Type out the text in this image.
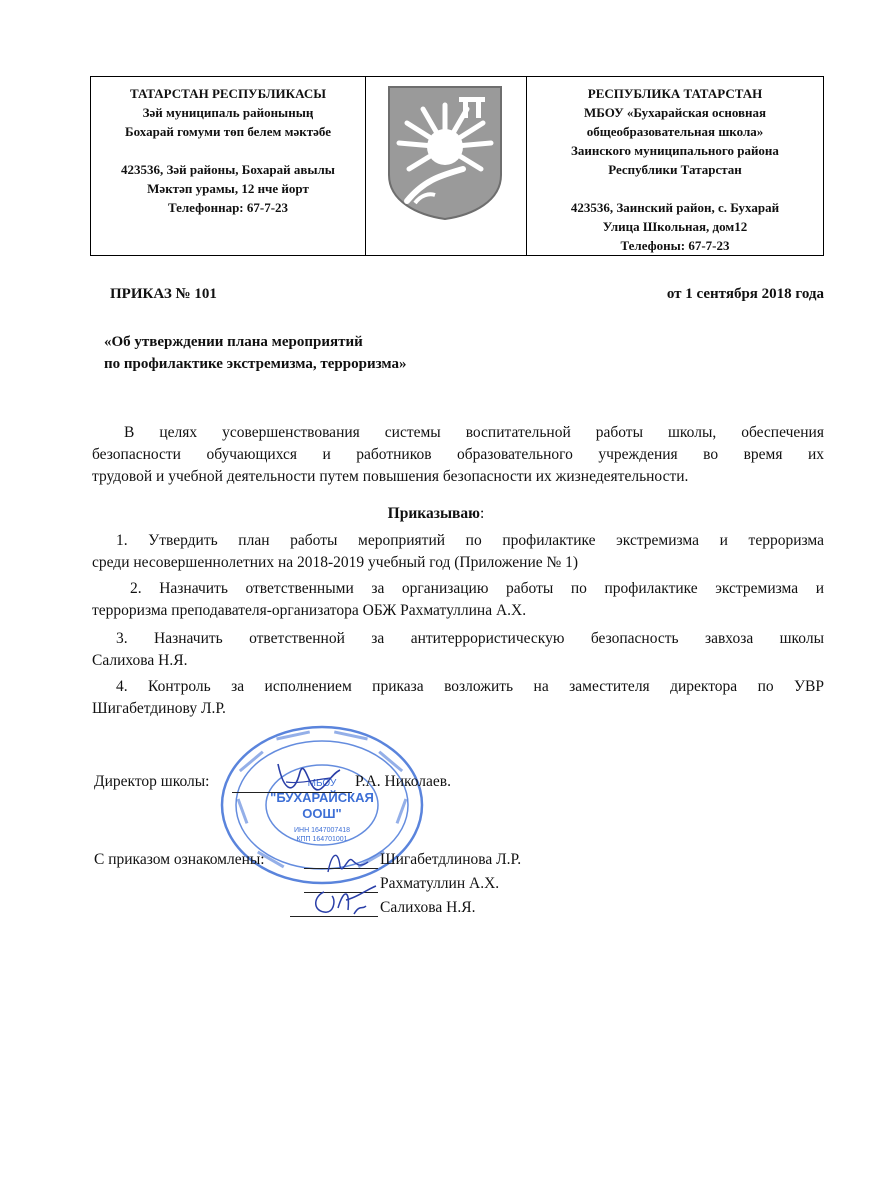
ТАТАРСТАН РЕСПУБЛИКАСЫ
Зәй муниципаль районының
Бохарай гомуми төп белем мәктәбе
423536, Зәй районы, Бохарай авылы
Мәктәп урамы, 12 нче йорт
Телефоннар: 67-7-23
РЕСПУБЛИКА ТАТАРСТАН
МБОУ «Бухарайская основная
общеобразовательная школа»
Заинского муниципального района
Республики Татарстан
423536, Заинский район, с. Бухарай
Улица Школьная, дом12
Телефоны: 67-7-23
ПРИКАЗ № 101	от 1 сентября 2018 года
«Об утверждении плана мероприятий
по профилактике экстремизма, терроризма»
В целях усовершенствования системы воспитательной работы школы, обеспечения
безопасности обучающихся и работников образовательного учреждения во время их
трудовой и учебной деятельности путем повышения безопасности их жизнедеятельности.
Приказываю:
1. Утвердить план работы мероприятий по профилактике экстремизма и терроризма
среди несовершеннолетних на 2018-2019 учебный год (Приложение № 1)
2. Назначить ответственными за организацию работы по профилактике экстремизма и
терроризма преподавателя-организатора ОБЖ Рахматуллина А.Х.
3. Назначить ответственной за антитеррористическую безопасность завхоза школы
Салихова Н.Я.
4. Контроль за исполнением приказа возложить на заместителя директора по УВР
Шигабетдинову Л.Р.
МБОУ
"БУХАРАЙСКАЯ
ООШ"
ИНН 1647007418
КПП 164701001
Директор школы:	Р.А. Николаев.
С приказом ознакомлены:	Шигабетдлинова Л.Р.
Рахматуллин А.Х.
Салихова Н.Я.
